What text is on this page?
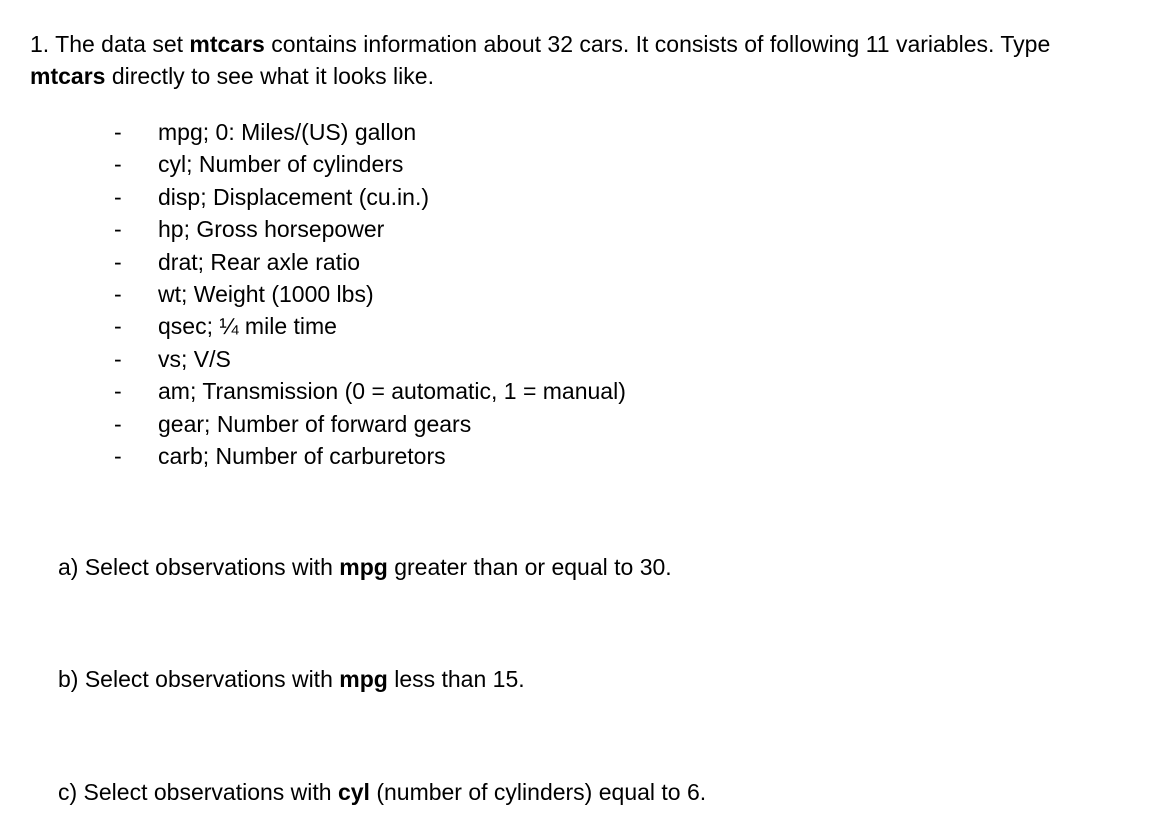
1. The data set mtcars contains information about 32 cars. It consists of following 11 variables. Type mtcars directly to see what it looks like.

- mpg; 0: Miles/(US) gallon
- cyl; Number of cylinders
- disp; Displacement (cu.in.)
- hp; Gross horsepower
- drat; Rear axle ratio
- wt; Weight (1000 lbs)
- qsec; ¼ mile time
- vs; V/S
- am; Transmission (0 = automatic, 1 = manual)
- gear; Number of forward gears
- carb; Number of carburetors

a) Select observations with mpg greater than or equal to 30.

b) Select observations with mpg less than 15.

c) Select observations with cyl (number of cylinders) equal to 6.
